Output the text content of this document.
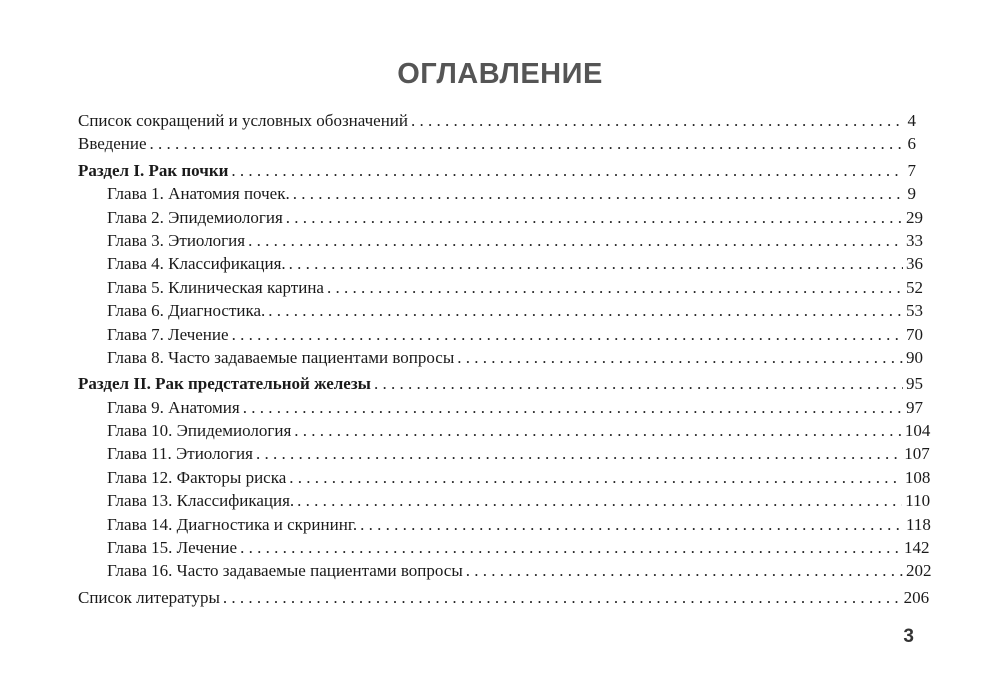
ОГЛАВЛЕНИЕ
Список сокращений и условных обозначений . . .	4
Введение . . .	6
Раздел I. Рак почки . . .	7
Глава 1. Анатомия почек. . . .	9
Глава 2. Эпидемиология . . .	29
Глава 3. Этиология . . .	33
Глава 4. Классификация. . . .	36
Глава 5. Клиническая картина . . .	52
Глава 6. Диагностика. . . .	53
Глава 7. Лечение . . .	70
Глава 8. Часто задаваемые пациентами вопросы . . .	90
Раздел II. Рак предстательной железы . . .	95
Глава 9. Анатомия . . .	97
Глава 10. Эпидемиология . . .	104
Глава 11. Этиология . . .	107
Глава 12. Факторы риска . . .	108
Глава 13. Классификация. . . .	110
Глава 14. Диагностика и скрининг. . . .	118
Глава 15. Лечение . . .	142
Глава 16. Часто задаваемые пациентами вопросы . . .	202
Список литературы . . .	206
3
